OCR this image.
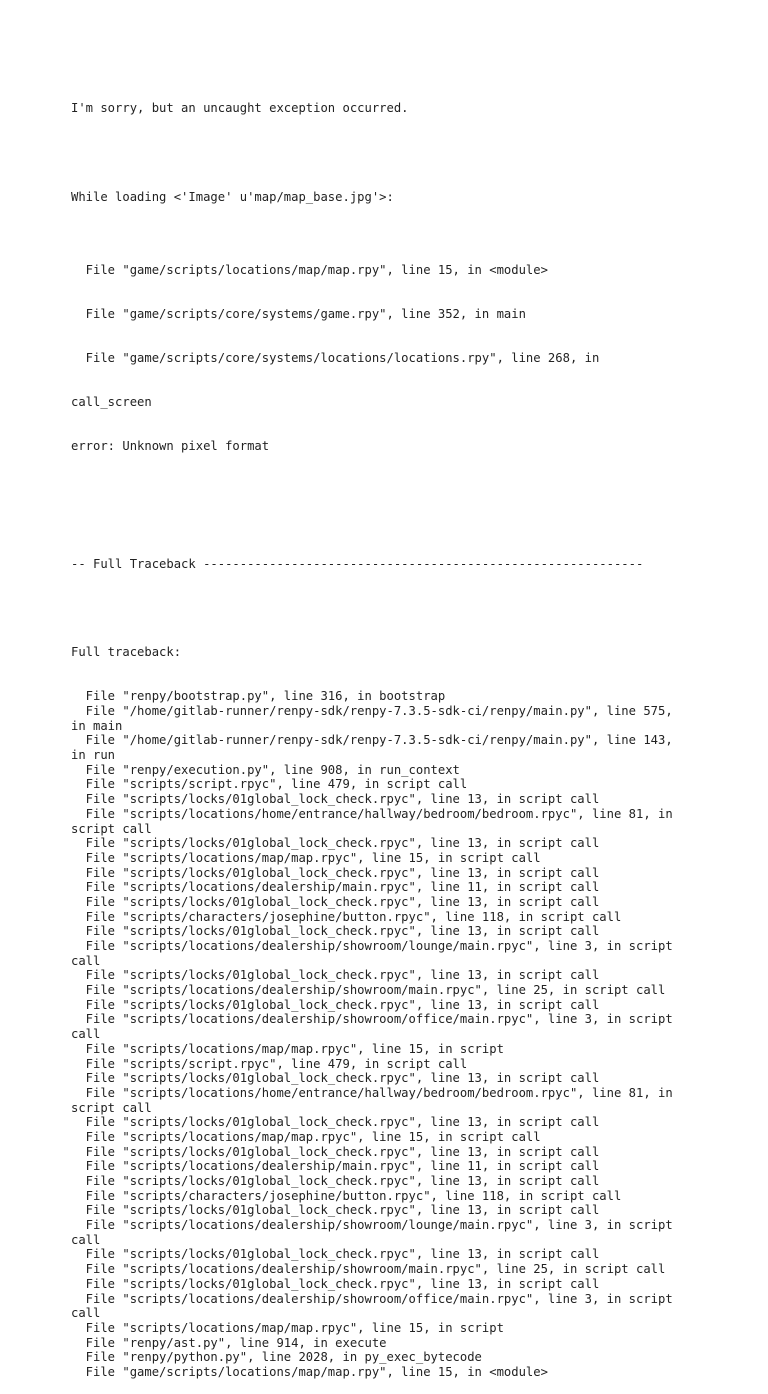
I'm sorry, but an uncaught exception occurred.

While loading <'Image' u'map/map_base.jpg'>:

File "game/scripts/locations/map/map.rpy", line 15, in <module>

File "game/scripts/core/systems/game.rpy", line 352, in main

File "game/scripts/core/systems/locations/locations.rpy", line 268, in

call_screen

error: Unknown pixel format

-- Full Traceback ------------------------------------------------------------

Full traceback:

File "renpy/bootstrap.py", line 316, in bootstrap
File "/home/gitlab-runner/renpy-sdk/renpy-7.3.5-sdk-ci/renpy/main.py", line 575,
in main
File "/home/gitlab-runner/renpy-sdk/renpy-7.3.5-sdk-ci/renpy/main.py", line 143,
in run
File "renpy/execution.py", line 908, in run_context
File "scripts/script.rpyc", line 479, in script call
File "scripts/locks/01global_lock_check.rpyc", line 13, in script call
File "scripts/locations/home/entrance/hallway/bedroom/bedroom.rpyc", line 81, in
script call
File "scripts/locks/01global_lock_check.rpyc", line 13, in script call
File "scripts/locations/map/map.rpyc", line 15, in script call
File "scripts/locks/01global_lock_check.rpyc", line 13, in script call
File "scripts/locations/dealership/main.rpyc", line 11, in script call
File "scripts/locks/01global_lock_check.rpyc", line 13, in script call
File "scripts/characters/josephine/button.rpyc", line 118, in script call
File "scripts/locks/01global_lock_check.rpyc", line 13, in script call
File "scripts/locations/dealership/showroom/lounge/main.rpyc", line 3, in script
call
File "scripts/locks/01global_lock_check.rpyc", line 13, in script call
File "scripts/locations/dealership/showroom/main.rpyc", line 25, in script call
File "scripts/locks/01global_lock_check.rpyc", line 13, in script call
File "scripts/locations/dealership/showroom/office/main.rpyc", line 3, in script
call
File "scripts/locations/map/map.rpyc", line 15, in script
File "scripts/script.rpyc", line 479, in script call
File "scripts/locks/01global_lock_check.rpyc", line 13, in script call
File "scripts/locations/home/entrance/hallway/bedroom/bedroom.rpyc", line 81, in
script call
File "scripts/locks/01global_lock_check.rpyc", line 13, in script call
File "scripts/locations/map/map.rpyc", line 15, in script call
File "scripts/locks/01global_lock_check.rpyc", line 13, in script call
File "scripts/locations/dealership/main.rpyc", line 11, in script call
File "scripts/locks/01global_lock_check.rpyc", line 13, in script call
File "scripts/characters/josephine/button.rpyc", line 118, in script call
File "scripts/locks/01global_lock_check.rpyc", line 13, in script call
File "scripts/locations/dealership/showroom/lounge/main.rpyc", line 3, in script
call
File "scripts/locks/01global_lock_check.rpyc", line 13, in script call
File "scripts/locations/dealership/showroom/main.rpyc", line 25, in script call
File "scripts/locks/01global_lock_check.rpyc", line 13, in script call
File "scripts/locations/dealership/showroom/office/main.rpyc", line 3, in script
call
File "scripts/locations/map/map.rpyc", line 15, in script
File "renpy/ast.py", line 914, in execute
File "renpy/python.py", line 2028, in py_exec_bytecode
File "game/scripts/locations/map/map.rpy", line 15, in <module>
